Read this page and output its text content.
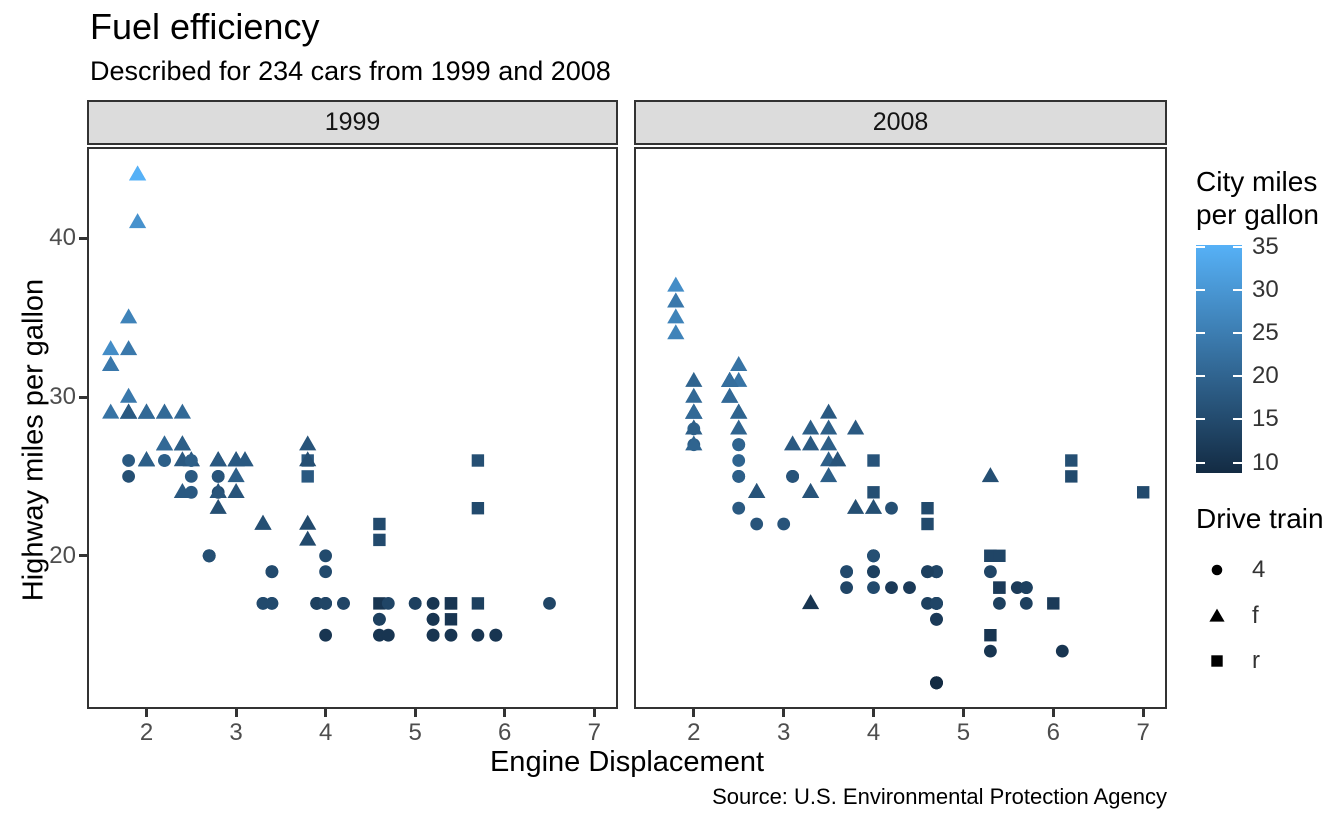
Fuel efficiency
Described for 234 cars from 1999 and 2008
1999	2008
Engine Displacement
Highway miles per gallon
Source: U.S. Environmental Protection Agency
City miles
per gallon
Drive train
4
f
r
2	3	4	5	6	7	2	3	4	5	6	7
20
30
40	35
30
25
20
15
10
